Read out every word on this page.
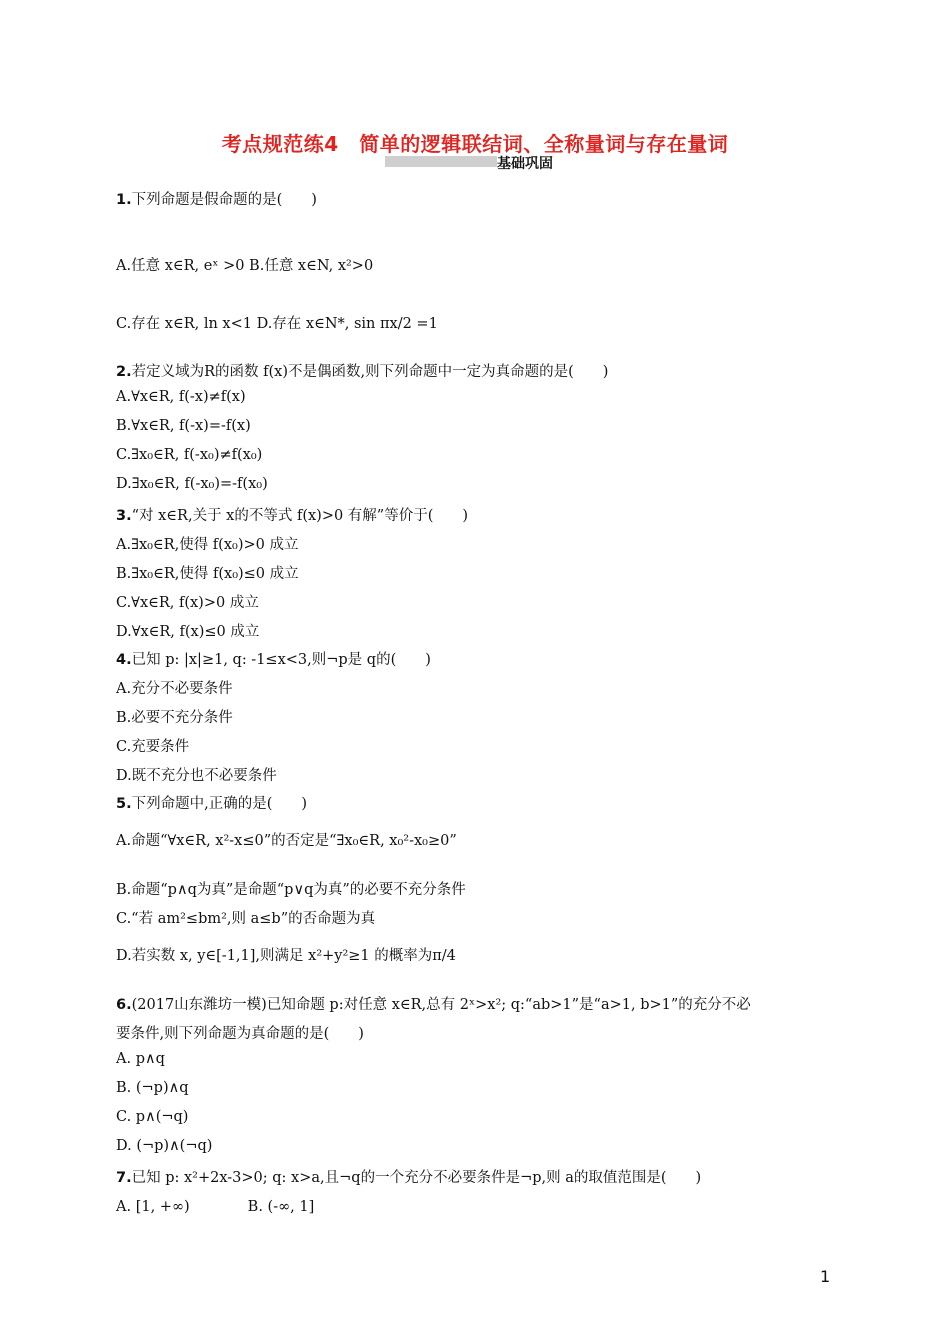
考点规范练4　简单的逻辑联结词、全称量词与存在量词
基础巩固
1.下列命题是假命题的是(　　)
A.任意 x∈R, eˣ >0 B.任意 x∈N, x²>0
C.存在 x∈R, ln x<1 D.存在 x∈N*, sin πx/2 =1
2.若定义域为R的函数 f(x)不是偶函数,则下列命题中一定为真命题的是(　　)
A.∀x∈R, f(-x)≠f(x)
B.∀x∈R, f(-x)=-f(x)
C.∃x₀∈R, f(-x₀)≠f(x₀)
D.∃x₀∈R, f(-x₀)=-f(x₀)
3.“对 x∈R,关于 x的不等式 f(x)>0 有解”等价于(　　)
A.∃x₀∈R,使得 f(x₀)>0 成立
B.∃x₀∈R,使得 f(x₀)≤0 成立
C.∀x∈R, f(x)>0 成立
D.∀x∈R, f(x)≤0 成立
4.已知 p: |x|≥1, q: -1≤x<3,则¬p是 q的(　　)
A.充分不必要条件
B.必要不充分条件
C.充要条件
D.既不充分也不必要条件
5.下列命题中,正确的是(　　)
A.命题“∀x∈R, x²-x≤0”的否定是“∃x₀∈R, x₀²-x₀≥0”
B.命题“p∧q为真”是命题“p∨q为真”的必要不充分条件
C.“若 am²≤bm²,则 a≤b”的否命题为真
D.若实数 x, y∈[-1,1],则满足 x²+y²≥1 的概率为π/4
6.(2017山东潍坊一模)已知命题 p:对任意 x∈R,总有 2ˣ>x²; q:“ab>1”是“a>1, b>1”的充分不必
要条件,则下列命题为真命题的是(　　)
A. p∧q
B. (¬p)∧q
C. p∧(¬q)
D. (¬p)∧(¬q)
7.已知 p: x²+2x-3>0; q: x>a,且¬q的一个充分不必要条件是¬p,则 a的取值范围是(　　)
A. [1, +∞)　　　　B. (-∞, 1]
1
